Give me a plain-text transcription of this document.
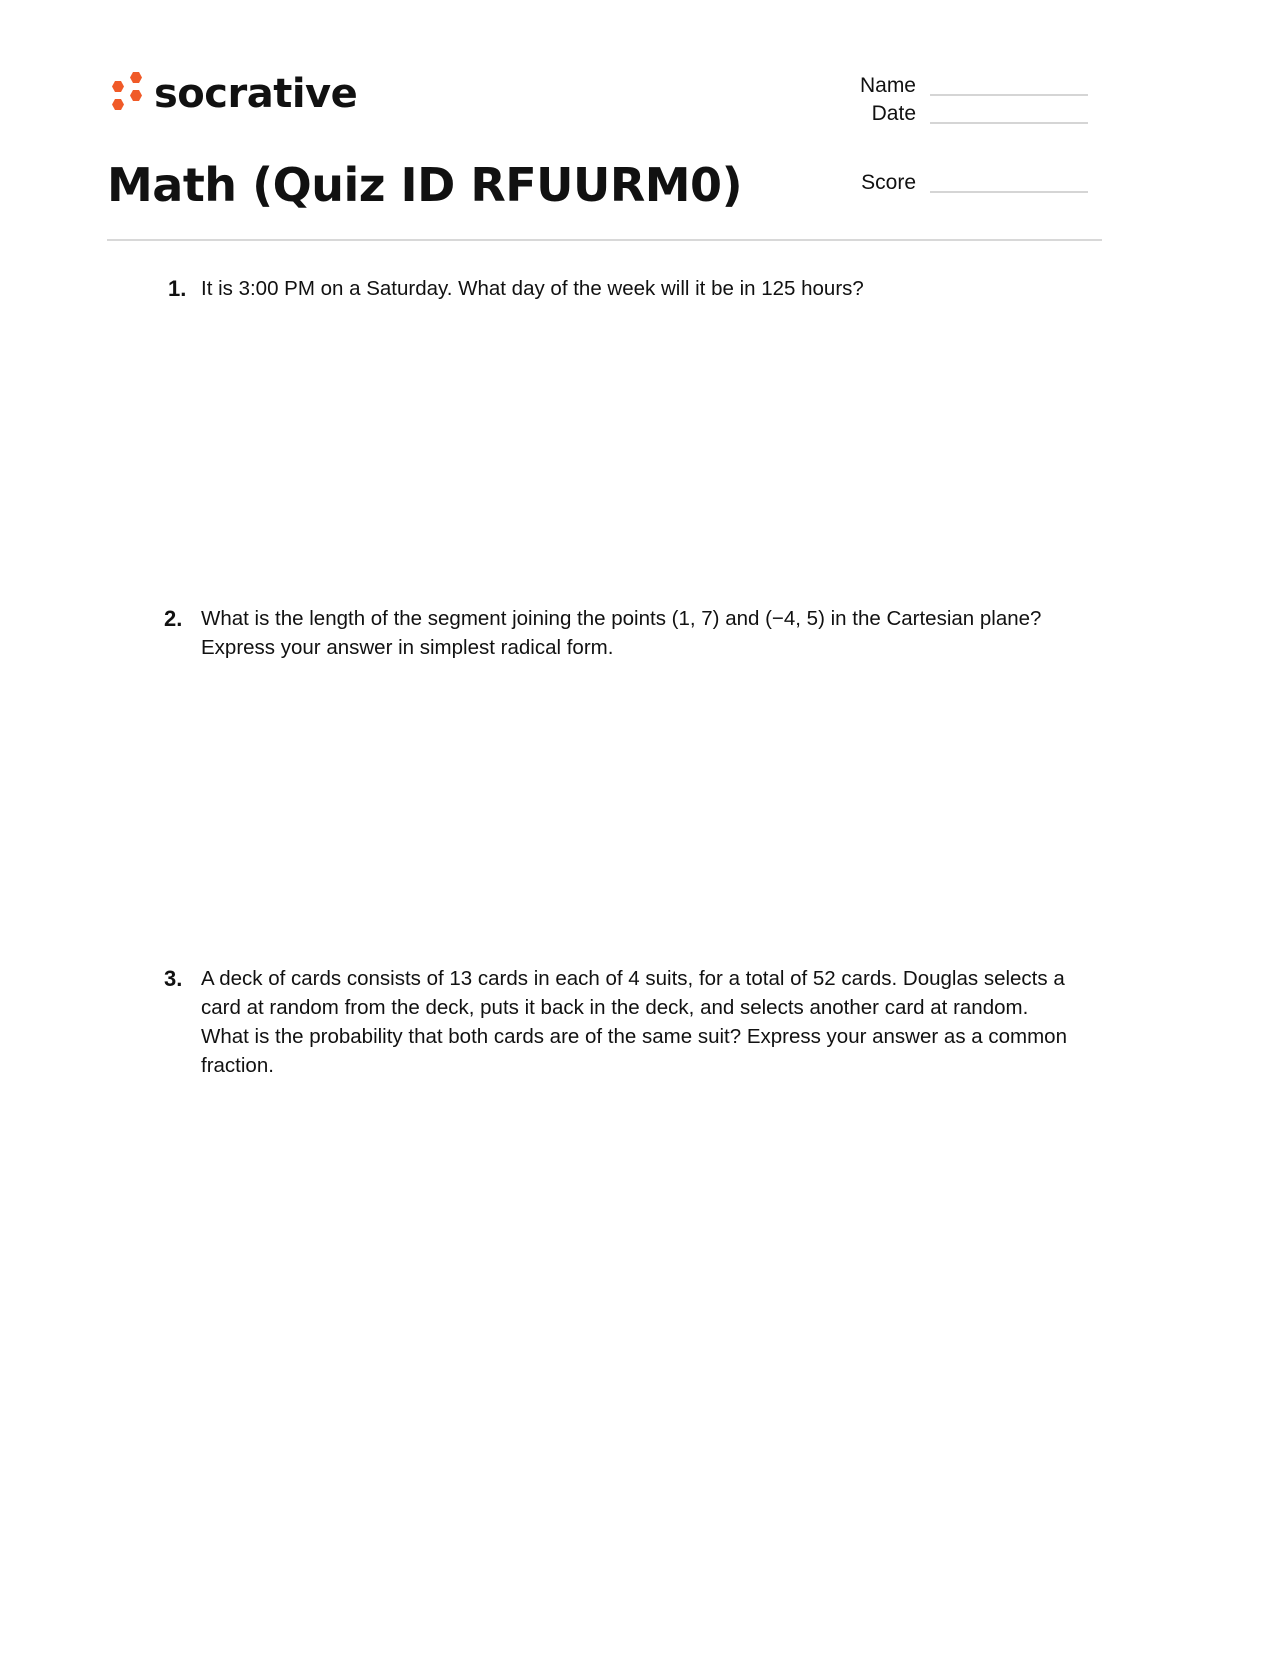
socrative
Math (Quiz ID RFUURM0)
Name
Date
Score
1. It is 3:00 PM on a Saturday. What day of the week will it be in 125 hours?
2. What is the length of the segment joining the points (1, 7) and (−4, 5) in the Cartesian plane? Express your answer in simplest radical form.
3. A deck of cards consists of 13 cards in each of 4 suits, for a total of 52 cards. Douglas selects a card at random from the deck, puts it back in the deck, and selects another card at random. What is the probability that both cards are of the same suit? Express your answer as a common fraction.
